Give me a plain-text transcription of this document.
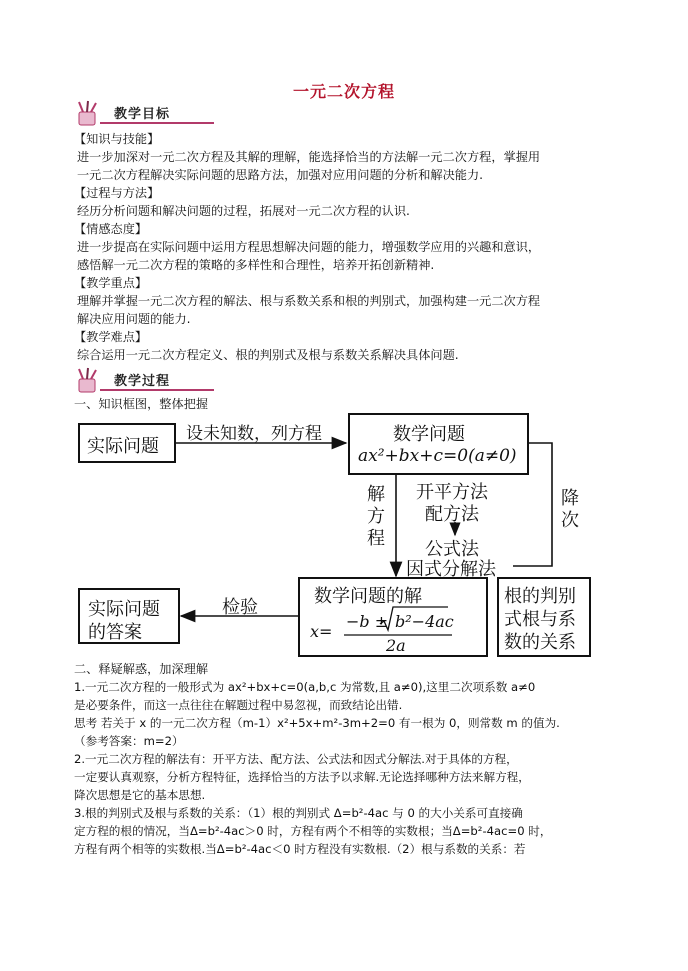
一元二次方程
教学目标
【知识与技能】
进一步加深对一元二次方程及其解的理解，能选择恰当的方法解一元二次方程，掌握用
一元二次方程解决实际问题的思路方法，加强对应用问题的分析和解决能力.
【过程与方法】
经历分析问题和解决问题的过程，拓展对一元二次方程的认识.
【情感态度】
进一步提高在实际问题中运用方程思想解决问题的能力，增强数学应用的兴趣和意识，
感悟解一元二次方程的策略的多样性和合理性，培养开拓创新精神.
【教学重点】
理解并掌握一元二次方程的解法、根与系数关系和根的判别式，加强构建一元二次方程
解决应用问题的能力.
【教学难点】
综合运用一元二次方程定义、根的判别式及根与系数关系解决具体问题.
教学过程
一、知识框图，整体把握
实际问题
设未知数，列方程	数学问题
ax²+bx+c=0(a≠0)
解
方
程
开平方法
配方法
公式法
因式分解法
降
次
数学问题的解
x=
−b ± b²−4ac
2a
检验
实际问题
的答案
根的判别
式根与系
数的关系
二、释疑解惑，加深理解
1.一元二次方程的一般形式为 ax²+bx+c=0(a,b,c 为常数,且 a≠0),这里二次项系数 a≠0
是必要条件，而这一点往往在解题过程中易忽视，而致结论出错.
思考 若关于 x 的一元二次方程（m-1）x²+5x+m²-3m+2=0 有一根为 0，则常数 m 的值为.
（参考答案：m=2）
2.一元二次方程的解法有：开平方法、配方法、公式法和因式分解法.对于具体的方程，
一定要认真观察，分析方程特征，选择恰当的方法予以求解.无论选择哪种方法来解方程，
降次思想是它的基本思想.
3.根的判别式及根与系数的关系：（1）根的判别式 Δ=b²-4ac 与 0 的大小关系可直接确
定方程的根的情况，当Δ=b²-4ac＞0 时，方程有两个不相等的实数根；当Δ=b²-4ac=0 时，
方程有两个相等的实数根.当Δ=b²-4ac＜0 时方程没有实数根.（2）根与系数的关系：若
